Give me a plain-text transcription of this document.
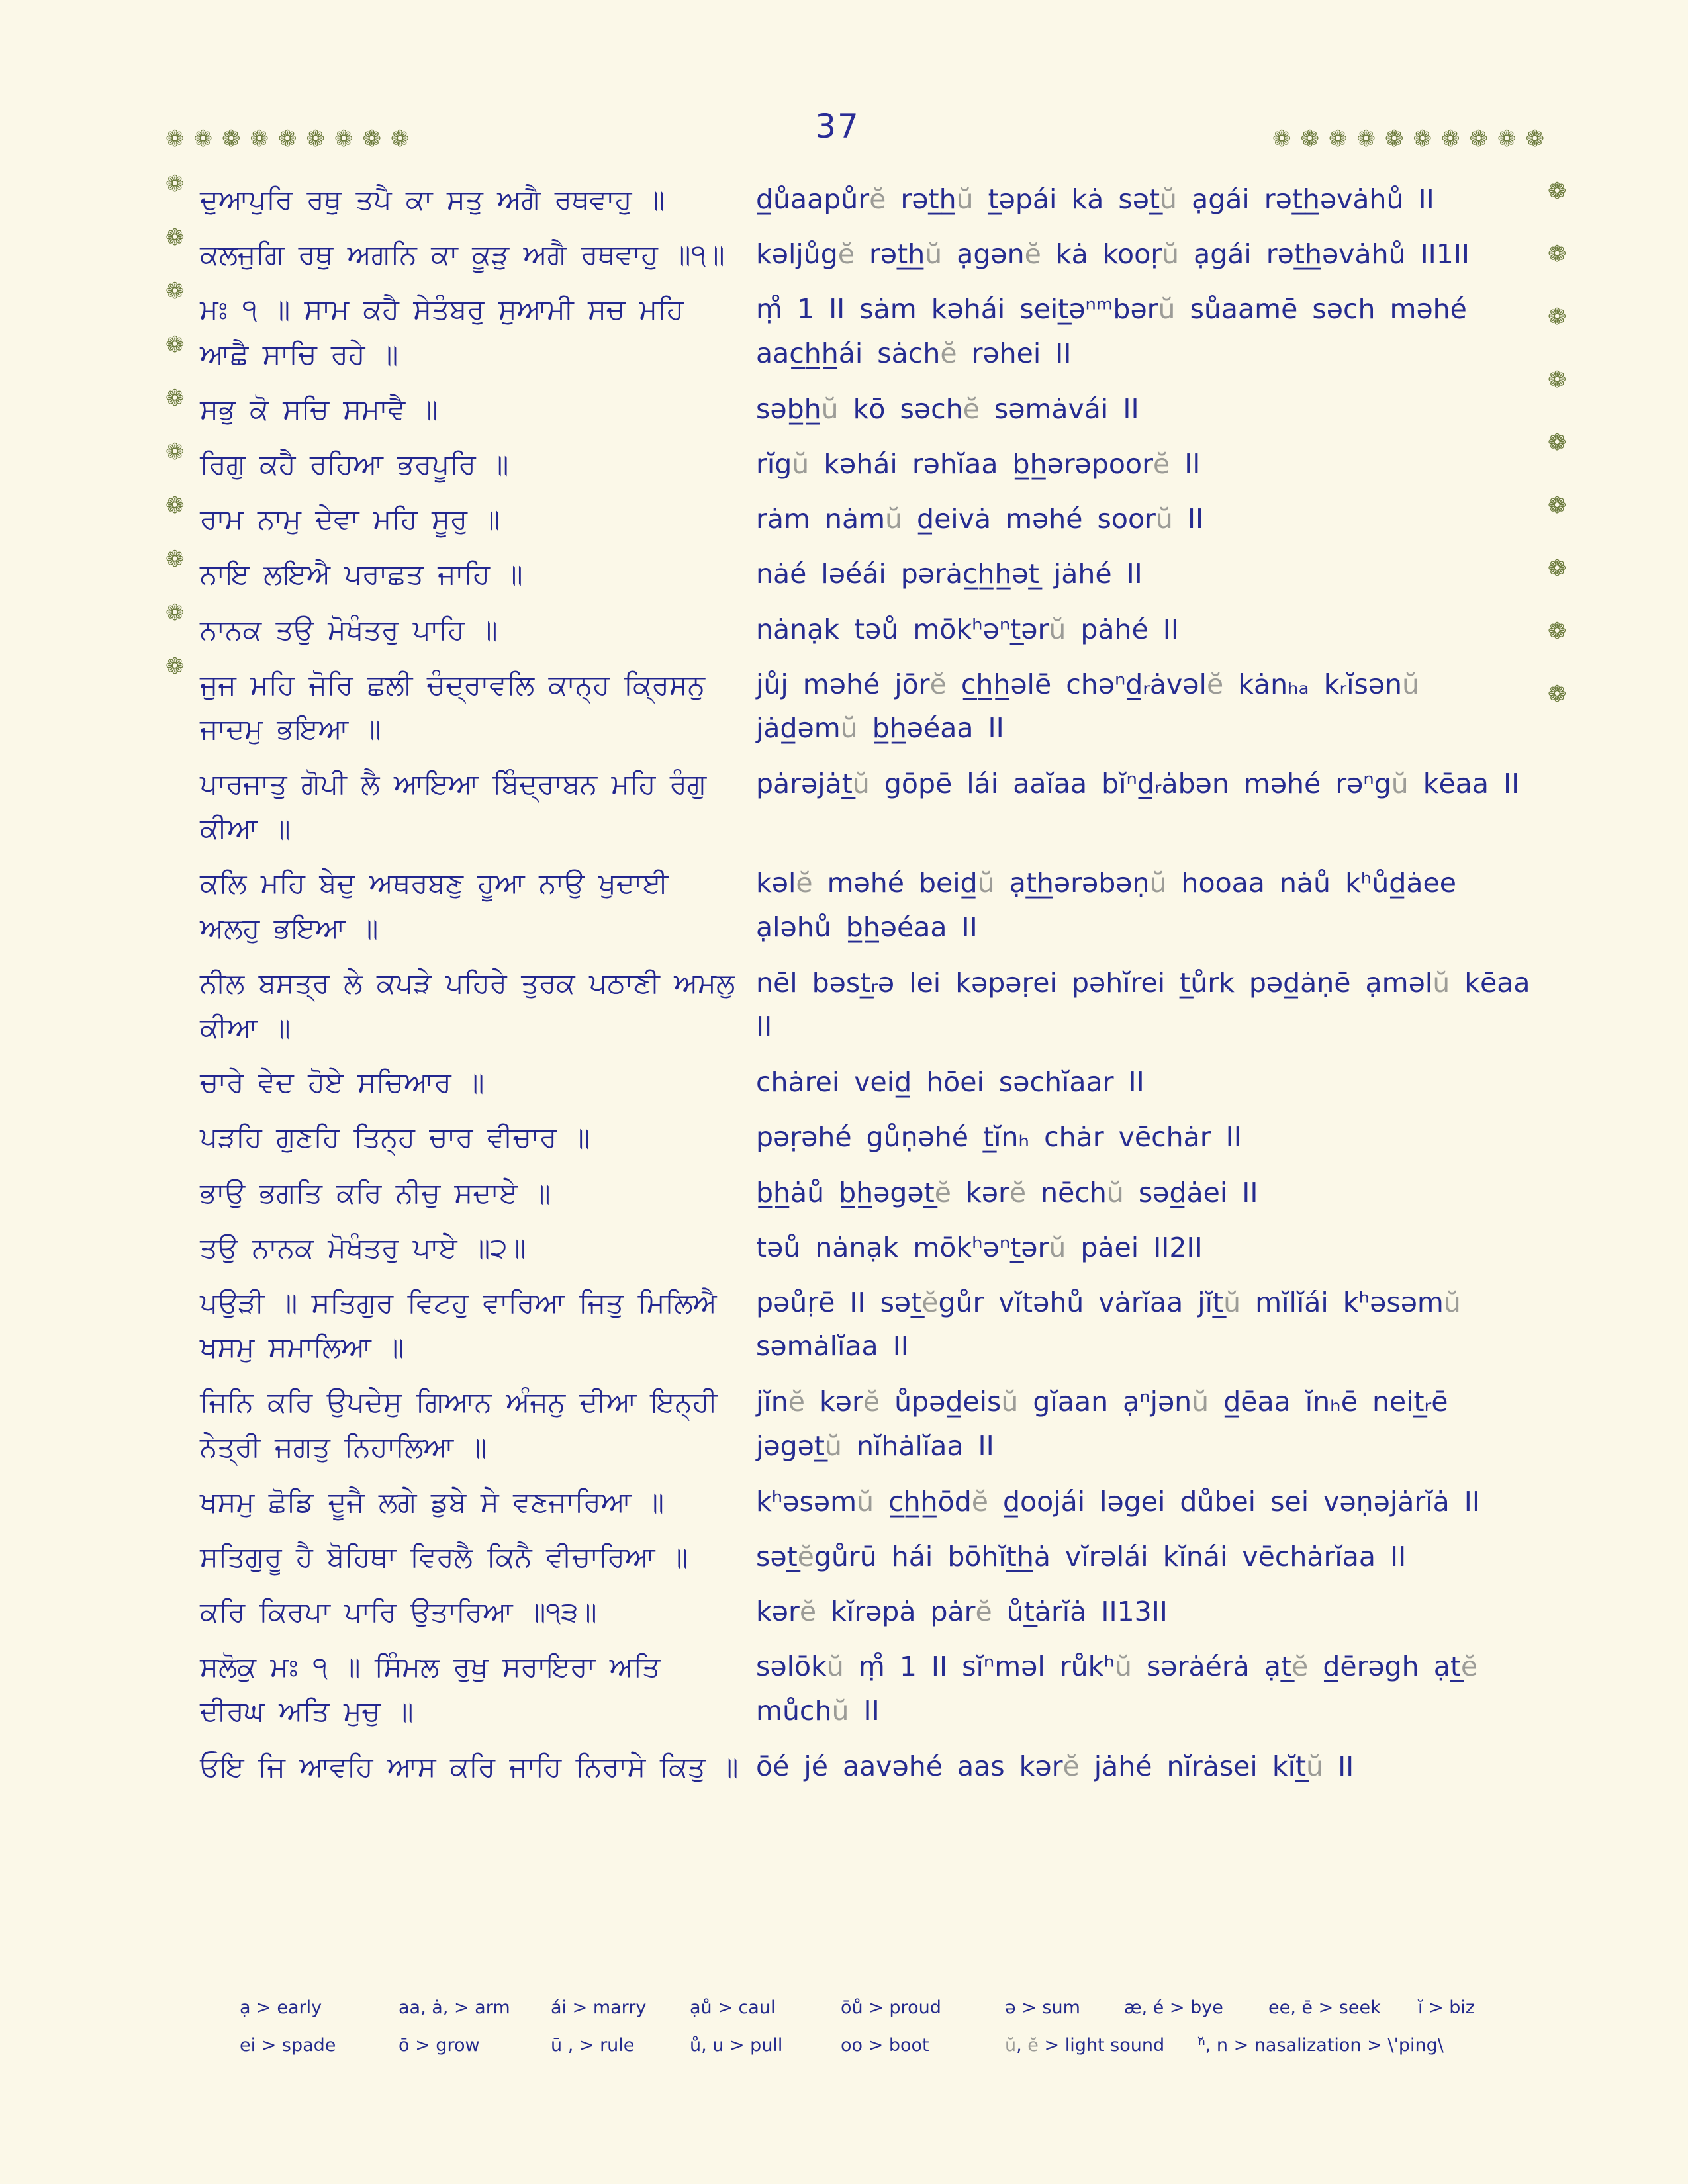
37
❁❁❁❁❁❁❁❁❁
❁
❁
❁
❁
❁
❁
❁
❁
❁
❁
❁❁❁❁❁❁❁❁❁❁
❁
❁
❁
❁
❁
❁
❁
❁
❁
ਦੁਆਪੁਰਿ ਰਥੁ ਤਪੈ ਕਾ ਸਤੁ ਅਗੈ ਰਥਵਾਹੁ ॥	d̲ůaapůrĕ rət̲h̲ŭ t̲əpái kȧ sət̲ŭ ạgái rət̲h̲əvȧhů II
ਕਲਜੁਗਿ ਰਥੁ ਅਗਨਿ ਕਾ ਕੂੜੁ ਅਗੈ ਰਥਵਾਹੁ ॥੧॥	kəljůgĕ rət̲h̲ŭ ạgənĕ kȧ kooṛŭ ạgái rət̲h̲əvȧhů II1II
ਮਃ ੧ ॥ ਸਾਮ ਕਹੈ ਸੇਤੰਬਰੁ ਸੁਆਮੀ ਸਚ ਮਹਿ ਆਛੈ ਸਾਚਿ ਰਹੇ ॥
ṃ̊ 1 II sȧm kəhái seit̲əⁿᵐbərŭ sůaamē səch məhé aac̲h̲h̲ái sȧchĕ rəhei II
ਸਭੁ ਕੋ ਸਚਿ ਸਮਾਵੈ ॥	səb̲h̲ŭ kō səchĕ səmȧvái II
ਰਿਗੁ ਕਹੈ ਰਹਿਆ ਭਰਪੂਰਿ ॥	rĭgŭ kəhái rəhĭaa b̲h̲ərəpoorĕ II
ਰਾਮ ਨਾਮੁ ਦੇਵਾ ਮਹਿ ਸੂਰੁ ॥	rȧm nȧmŭ d̲eivȧ məhé soorŭ II
ਨਾਇ ਲਇਐ ਪਰਾਛਤ ਜਾਹਿ ॥	nȧé ləéái pərȧc̲h̲h̲ət̲ jȧhé II
ਨਾਨਕ ਤਉ ਮੋਖੰਤਰੁ ਪਾਹਿ ॥	nȧnạk təů mōkʰəⁿt̲ərŭ pȧhé II
ਜੁਜ ਮਹਿ ਜੋਰਿ ਛਲੀ ਚੰਦ੍ਰਾਵਲਿ ਕਾਨ੍ਹ ਕ੍ਰਿਸਨੁ ਜਾਦਮੁ ਭਇਆ ॥
jůj məhé jōrĕ c̲h̲h̲əlē chəⁿd̲ᵣȧvəlĕ kȧnₕₐ kᵣĭsənŭ jȧd̲əmŭ b̲h̲əéaa II
ਪਾਰਜਾਤੁ ਗੋਪੀ ਲੈ ਆਇਆ ਬਿੰਦ੍ਰਾਬਨ ਮਹਿ ਰੰਗੁ ਕੀਆ ॥
pȧrəjȧt̲ŭ gōpē lái aaĭaa bĭⁿd̲ᵣȧbən məhé rəⁿgŭ kēaa II
ਕਲਿ ਮਹਿ ਬੇਦੁ ਅਥਰਬਣੁ ਹੂਆ ਨਾਉ ਖੁਦਾਈ ਅਲਹੁ ਭਇਆ ॥
kəlĕ məhé beid̲ŭ ạt̲h̲ərəbəṇŭ hooaa nȧů kʰůd̲ȧee ạləhů b̲h̲əéaa II
ਨੀਲ ਬਸਤ੍ਰ ਲੇ ਕਪੜੇ ਪਹਿਰੇ ਤੁਰਕ ਪਠਾਣੀ ਅਮਲੁ ਕੀਆ ॥
nēl bəst̲ᵣə lei kəpəṛei pəhĭrei t̲ůrk pəd̲ȧṇē ạməlŭ kēaa II
ਚਾਰੇ ਵੇਦ ਹੋਏ ਸਚਿਆਰ ॥	chȧrei veid̲ hōei səchĭaar II
ਪੜਹਿ ਗੁਣਹਿ ਤਿਨ੍ਹ ਚਾਰ ਵੀਚਾਰ ॥	pəṛəhé gůṇəhé t̲ĭnₕ chȧr vēchȧr II
ਭਾਉ ਭਗਤਿ ਕਰਿ ਨੀਚੁ ਸਦਾਏ ॥	b̲h̲ȧů b̲h̲əgət̲ĕ kərĕ nēchŭ səd̲ȧei II
ਤਉ ਨਾਨਕ ਮੋਖੰਤਰੁ ਪਾਏ ॥੨॥	təů nȧnạk mōkʰəⁿt̲ərŭ pȧei II2II
ਪਉੜੀ ॥ ਸਤਿਗੁਰ ਵਿਟਹੁ ਵਾਰਿਆ ਜਿਤੁ ਮਿਲਿਐ ਖਸਮੁ ਸਮਾਲਿਆ ॥
pəůṛē II sət̲ĕgůr vĭtəhů vȧrĭaa jĭt̲ŭ mĭlĭái kʰəsəmŭ səmȧlĭaa II
ਜਿਨਿ ਕਰਿ ਉਪਦੇਸੁ ਗਿਆਨ ਅੰਜਨੁ ਦੀਆ ਇਨ੍ਹੀ ਨੇਤ੍ਰੀ ਜਗਤੁ ਨਿਹਾਲਿਆ ॥
jĭnĕ kərĕ ůpəd̲eisŭ gĭaan ạⁿjənŭ d̲ēaa ĭnₕē neit̲ᵣē jəgət̲ŭ nĭhȧlĭaa II
ਖਸਮੁ ਛੋਡਿ ਦੂਜੈ ਲਗੇ ਡੁਬੇ ਸੇ ਵਣਜਾਰਿਆ ॥	kʰəsəmŭ c̲h̲h̲ōdĕ d̲oojái ləgei důbei sei vəṇəjȧrĭȧ II
ਸਤਿਗੁਰੂ ਹੈ ਬੋਹਿਥਾ ਵਿਰਲੈ ਕਿਨੈ ਵੀਚਾਰਿਆ ॥	sət̲ĕgůrū hái bōhĭt̲h̲ȧ vĭrəlái kĭnái vēchȧrĭaa II
ਕਰਿ ਕਿਰਪਾ ਪਾਰਿ ਉਤਾਰਿਆ ॥੧੩॥	kərĕ kĭrəpȧ pȧrĕ ůt̲ȧrĭȧ II13II
ਸਲੋਕੁ ਮਃ ੧ ॥ ਸਿੰਮਲ ਰੁਖੁ ਸਰਾਇਰਾ ਅਤਿ ਦੀਰਘ ਅਤਿ ਮੁਚੁ ॥
səlōkŭ ṃ̊ 1 II sĭⁿməl růkʰŭ sərȧérȧ ạt̲ĕ d̲ērəgh ạt̲ĕ můchŭ II
ਓਇ ਜਿ ਆਵਹਿ ਆਸ ਕਰਿ ਜਾਹਿ ਨਿਰਾਸੇ ਕਿਤੁ ॥ ōé jé aavəhé aas kərĕ jȧhé nĭrȧsei kĭt̲ŭ II
ạ > early	aa, ȧ, > arm	ái > marry	ạů > caul	ōů > proud	ə > sum	æ, é > bye	ee, ē > seek	ĭ > biz
ei > spade	ō > grow	ū , > rule	ů, u > pull	oo > boot	ŭ, ĕ > light sound	ⁿ̆, n > nasalization > \ˈping\
